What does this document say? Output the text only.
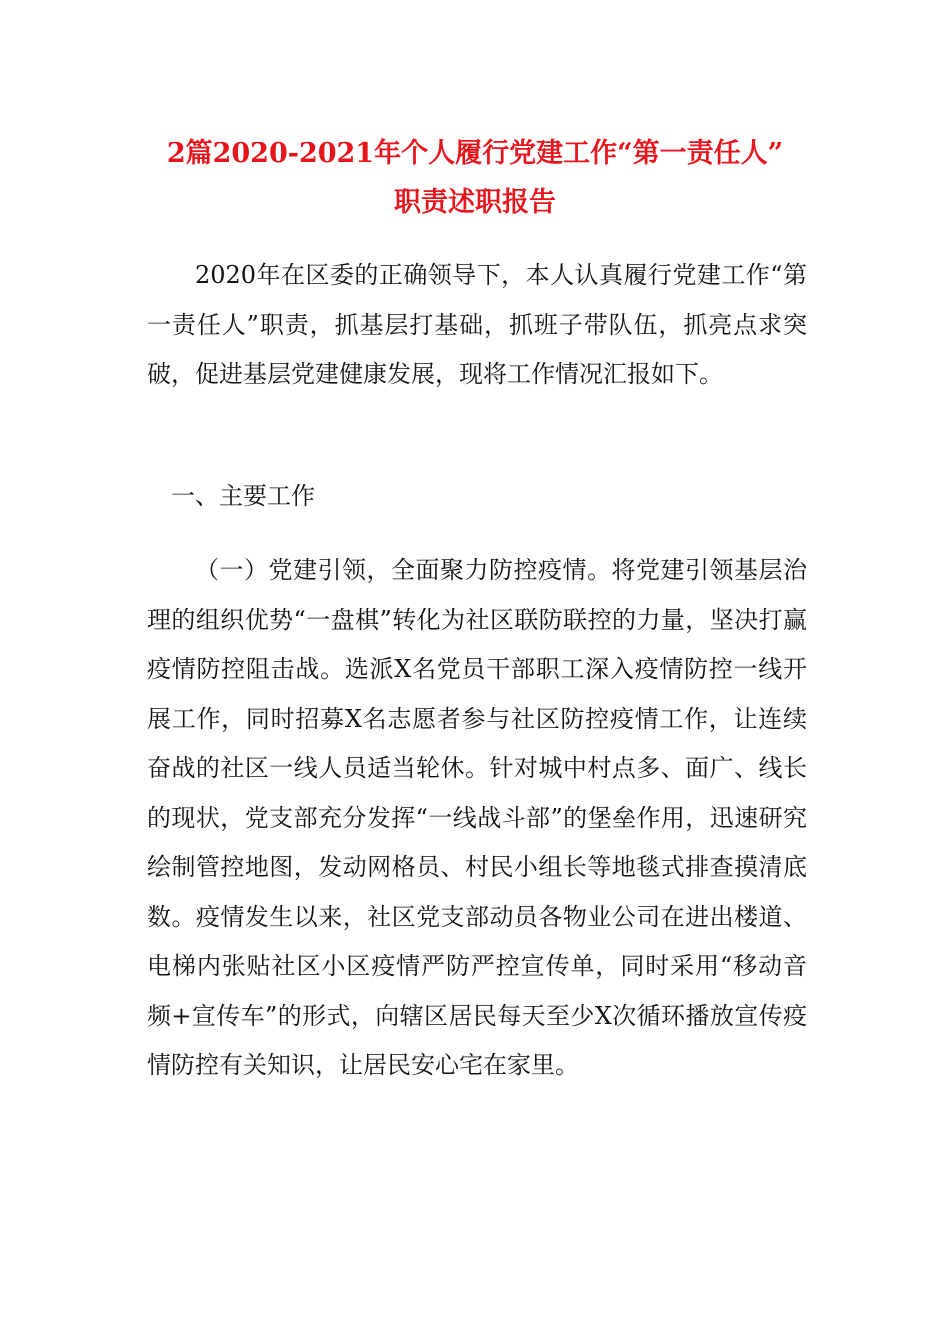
2篇2020-2021年个人履行党建工作“第一责任人”
职责述职报告

2020年在区委的正确领导下，本人认真履行党建工作“第一责任人”职责，抓基层打基础，抓班子带队伍，抓亮点求突破，促进基层党建健康发展，现将工作情况汇报如下。

一、主要工作

（一）党建引领，全面聚力防控疫情。将党建引领基层治理的组织优势“一盘棋”转化为社区联防联控的力量，坚决打赢疫情防控阻击战。选派X名党员干部职工深入疫情防控一线开展工作，同时招募X名志愿者参与社区防控疫情工作，让连续奋战的社区一线人员适当轮休。针对城中村点多、面广、线长的现状，党支部充分发挥“一线战斗部”的堡垒作用，迅速研究绘制管控地图，发动网格员、村民小组长等地毯式排查摸清底数。疫情发生以来，社区党支部动员各物业公司在进出楼道、电梯内张贴社区小区疫情严防严控宣传单，同时采用“移动音频+宣传车”的形式，向辖区居民每天至少X次循环播放宣传疫情防控有关知识，让居民安心宅在家里。
